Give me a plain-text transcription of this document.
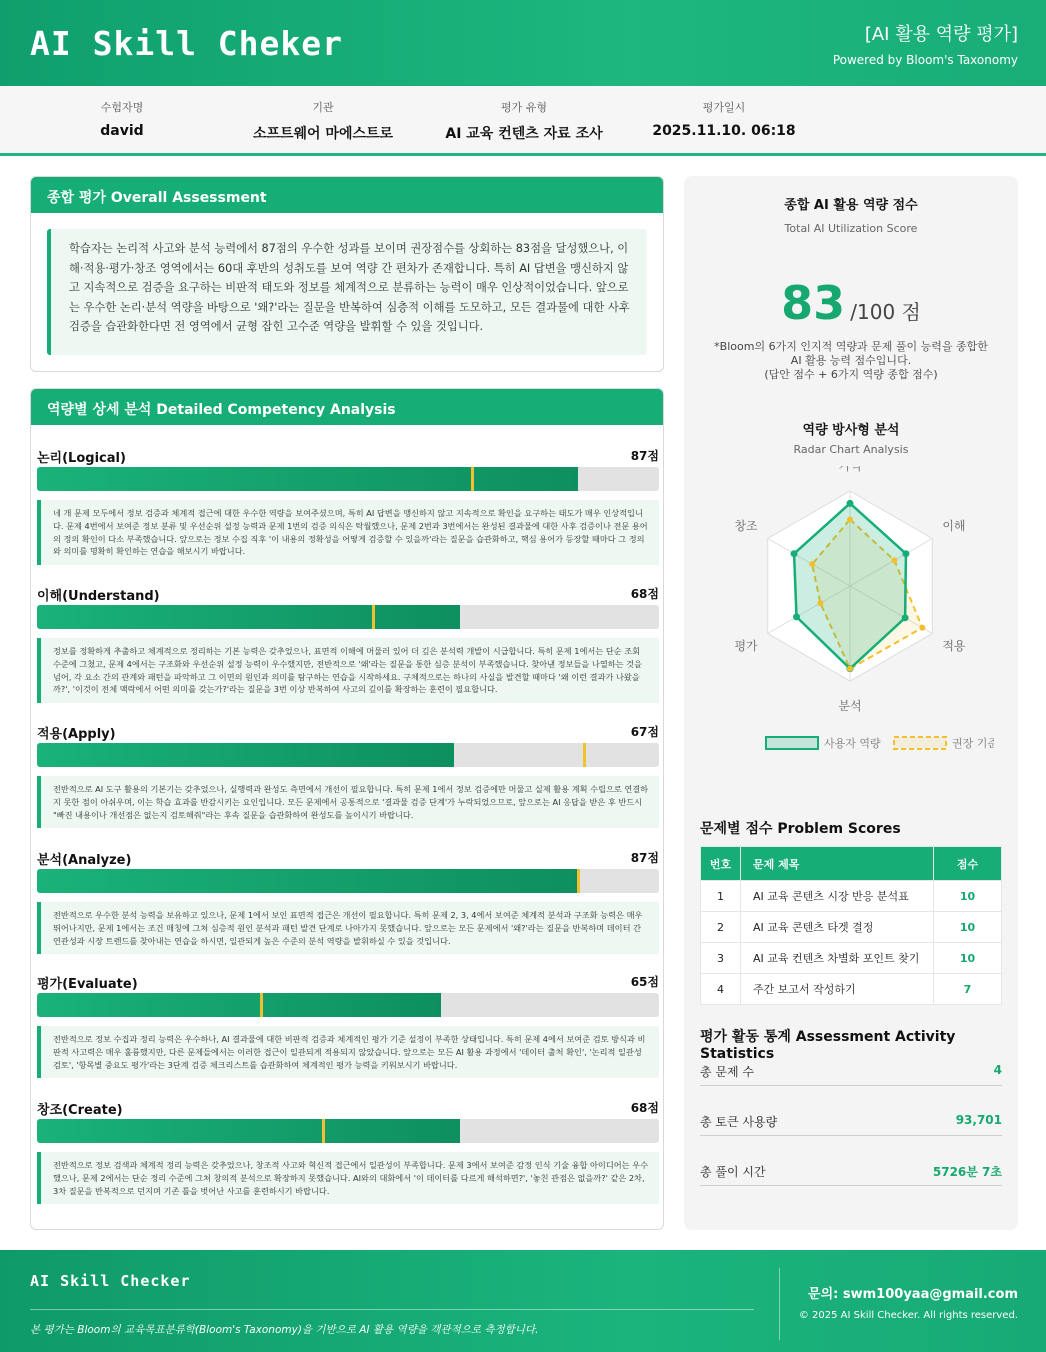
AI Skill Cheker	[AI 활용 역량 평가]
Powered by Bloom's Taxonomy
수험자명
david
기관
소프트웨어 마에스트로
평가 유형
AI 교육 컨텐츠 자료 조사
평가일시
2025.11.10. 06:18
종합 평가 Overall Assessment
학습자는 논리적 사고와 분석 능력에서 87점의 우수한 성과를 보이며 권장점수를 상회하는 83점을 달성했으나, 이해·적용·평가·창조 영역에서는 60대 후반의 성취도를 보여 역량 간 편차가 존재합니다. 특히 AI 답변을 맹신하지 않고 지속적으로 검증을 요구하는 비판적 태도와 정보를 체계적으로 분류하는 능력이 매우 인상적이었습니다. 앞으로는 우수한 논리·분석 역량을 바탕으로 '왜?'라는 질문을 반복하여 심층적 이해를 도모하고, 모든 결과물에 대한 사후 검증을 습관화한다면 전 영역에서 균형 잡힌 고수준 역량을 발휘할 수 있을 것입니다.
역량별 상세 분석 Detailed Competency Analysis
논리(Logical)	87점
네 개 문제 모두에서 정보 검증과 체계적 접근에 대한 우수한 역량을 보여주셨으며, 특히 AI 답변을 맹신하지 않고 지속적으로 확인을 요구하는 태도가 매우 인상적입니다. 문제 4번에서 보여준 정보 분류 및 우선순위 설정 능력과 문제 1번의 검증 의식은 탁월했으나, 문제 2번과 3번에서는 완성된 결과물에 대한 사후 검증이나 전문 용어의 정의 확인이 다소 부족했습니다. 앞으로는 정보 수집 직후 '이 내용의 정확성을 어떻게 검증할 수 있을까'라는 질문을 습관화하고, 핵심 용어가 등장할 때마다 그 정의와 의미를 명확히 확인하는 연습을 해보시기 바랍니다.
이해(Understand)	68점
정보를 정확하게 추출하고 체계적으로 정리하는 기본 능력은 갖추었으나, 표면적 이해에 머물러 있어 더 깊은 분석력 개발이 시급합니다. 특히 문제 1에서는 단순 조회 수준에 그쳤고, 문제 4에서는 구조화와 우선순위 설정 능력이 우수했지만, 전반적으로 '왜'라는 질문을 통한 심층 분석이 부족했습니다. 찾아낸 정보들을 나열하는 것을 넘어, 각 요소 간의 관계와 패턴을 파악하고 그 이면의 원인과 의미를 탐구하는 연습을 시작하세요. 구체적으로는 하나의 사실을 발견할 때마다 '왜 이런 결과가 나왔을까?', '이것이 전체 맥락에서 어떤 의미를 갖는가?'라는 질문을 3번 이상 반복하여 사고의 깊이를 확장하는 훈련이 필요합니다.
적용(Apply)	67점
전반적으로 AI 도구 활용의 기본기는 갖추었으나, 실행력과 완성도 측면에서 개선이 필요합니다. 특히 문제 1에서 정보 검증에만 머물고 실제 활용 계획 수립으로 연결하지 못한 점이 아쉬우며, 이는 학습 효과를 반감시키는 요인입니다. 모든 문제에서 공통적으로 '결과물 검증 단계'가 누락되었으므로, 앞으로는 AI 응답을 받은 후 반드시 "빠진 내용이나 개선점은 없는지 검토해줘"라는 후속 질문을 습관화하여 완성도를 높이시기 바랍니다.
분석(Analyze)	87점
전반적으로 우수한 분석 능력을 보유하고 있으나, 문제 1에서 보인 표면적 접근은 개선이 필요합니다. 특히 문제 2, 3, 4에서 보여준 체계적 분석과 구조화 능력은 매우 뛰어나지만, 문제 1에서는 조건 매칭에 그쳐 심층적 원인 분석과 패턴 발견 단계로 나아가지 못했습니다. 앞으로는 모든 문제에서 '왜?'라는 질문을 반복하며 데이터 간 연관성과 시장 트렌드를 찾아내는 연습을 하시면, 일관되게 높은 수준의 분석 역량을 발휘하실 수 있을 것입니다.
평가(Evaluate)	65점
전반적으로 정보 수집과 정리 능력은 우수하나, AI 결과물에 대한 비판적 검증과 체계적인 평가 기준 설정이 부족한 상태입니다. 특히 문제 4에서 보여준 검토 방식과 비판적 사고력은 매우 훌륭했지만, 다른 문제들에서는 이러한 접근이 일관되게 적용되지 않았습니다. 앞으로는 모든 AI 활용 과정에서 '데이터 출처 확인', '논리적 일관성 검토', '항목별 중요도 평가'라는 3단계 검증 체크리스트를 습관화하여 체계적인 평가 능력을 키워보시기 바랍니다.
창조(Create)	68점
전반적으로 정보 검색과 체계적 정리 능력은 갖추었으나, 창조적 사고와 혁신적 접근에서 일관성이 부족합니다. 문제 3에서 보여준 감정 인식 기술 융합 아이디어는 우수했으나, 문제 2에서는 단순 정리 수준에 그쳐 창의적 분석으로 확장하지 못했습니다. AI와의 대화에서 '이 데이터를 다르게 해석하면?', '놓친 관점은 없을까?' 같은 2차, 3차 질문을 반복적으로 던지며 기존 틀을 벗어난 사고를 훈련하시기 바랍니다.
종합 AI 활용 역량 점수
Total AI Utilization Score
83 /100 점
*Bloom의 6가지 인지적 역량과 문제 풀이 능력을 종합한
AI 활용 능력 점수입니다.
(답안 점수 + 6가지 역량 종합 점수)
역량 방사형 분석
Radar Chart Analysis
기억
이해
적용
분석
평가
창조
사용자 역량	권장 기준
문제별 점수 Problem Scores
번호	문제 제목	점수
1	AI 교육 콘텐츠 시장 반응 분석표	10
2	AI 교육 콘텐츠 타겟 결정	10
3	AI 교육 컨텐츠 차별화 포인트 찾기	10
4	주간 보고서 작성하기	7
평가 활동 통계 Assessment Activity Statistics
총 문제 수	4
총 토큰 사용량	93,701
총 풀이 시간	5726분 7초
AI Skill Checker
본 평가는 Bloom의 교육목표분류학(Bloom's Taxonomy)을 기반으로 AI 활용 역량을 객관적으로 측정합니다.
문의: swm100yaa@gmail.com
© 2025 AI Skill Checker. All rights reserved.
